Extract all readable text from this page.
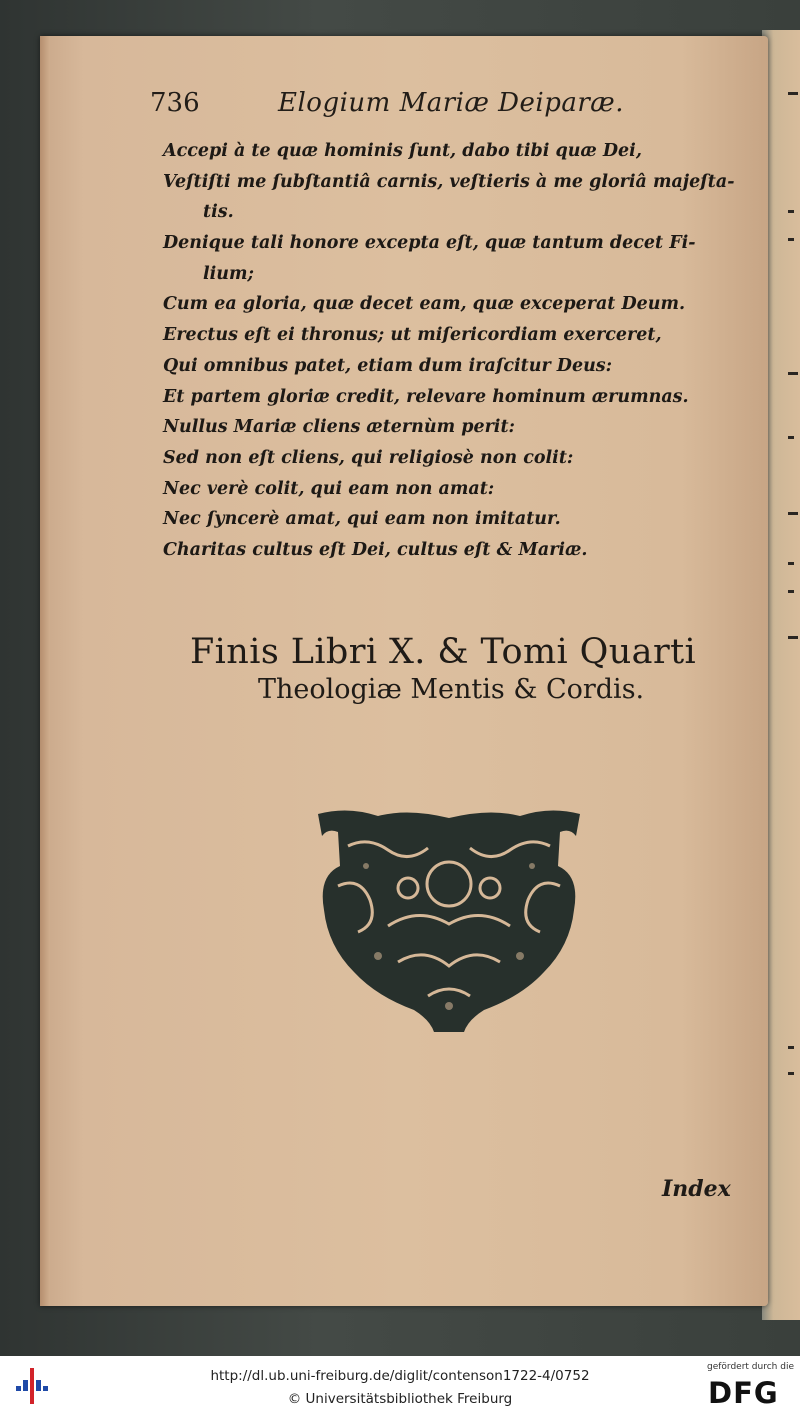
736	Elogium Mariæ Deiparæ.
Accepi à te quæ hominis ſunt, dabo tibi quæ Dei,
Veſtiſti me ſubſtantiâ carnis, veſtieris à me gloriâ majeſta-
tis.
Denique tali honore excepta eſt, quæ tantum decet Fi-
lium;
Cum ea gloria, quæ decet eam, quæ exceperat Deum.
Erectus eſt ei thronus; ut miſericordiam exerceret,
Qui omnibus patet, etiam dum iraſcitur Deus:
Et partem gloriæ credit, relevare hominum ærumnas.
Nullus Mariæ cliens æternùm perit:
Sed non eſt cliens, qui religiosè non colit:
Nec verè colit, qui eam non amat:
Nec ſyncerè amat, qui eam non imitatur.
Charitas cultus eſt Dei, cultus eſt & Mariæ.
Finis Libri X. & Tomi Quarti
Theologiæ Mentis & Cordis.
Index
http://dl.ub.uni-freiburg.de/diglit/contenson1722-4/0752
© Universitätsbibliothek Freiburg
gefördert durch die
DFG
